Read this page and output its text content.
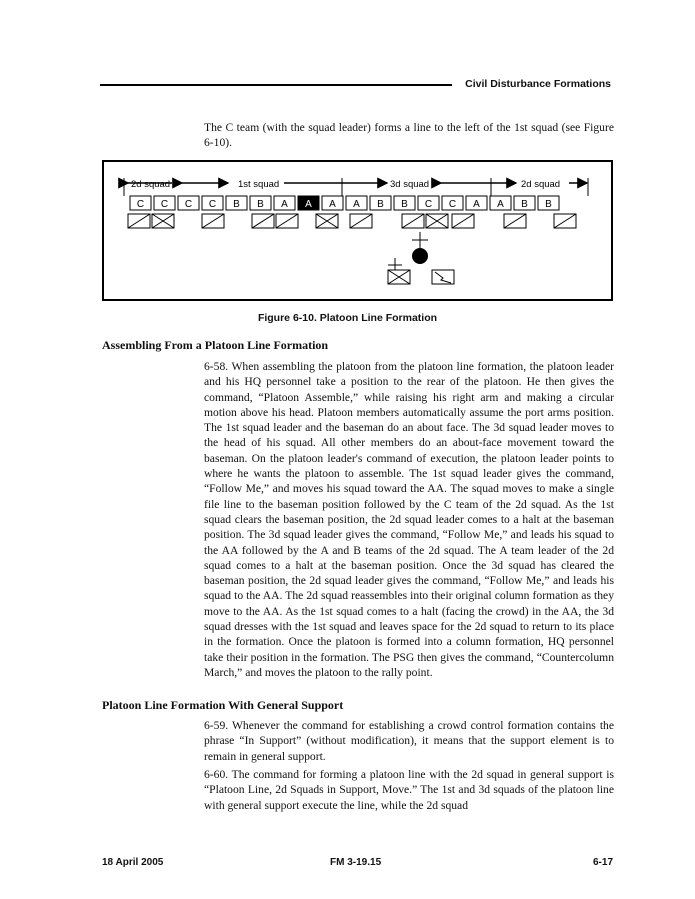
Civil Disturbance Formations

The C team (with the squad leader) forms a line to the left of the 1st squad (see Figure 6-10).

2d squad	1st squad	3d squad	2d squad
C C C C B B A A A A B B C C A A B B
Figure 6-10. Platoon Line Formation
Assembling From a Platoon Line Formation

6-58. When assembling the platoon from the platoon line formation, the platoon leader and his HQ personnel take a position to the rear of the platoon. He then gives the command, “Platoon Assemble,” while raising his right arm and making a circular motion above his head. Platoon members automatically assume the port arms position. The 1st squad leader and the baseman do an about face. The 3d squad leader moves to the head of his squad. All other members do an about-face movement toward the baseman. On the platoon leader's command of execution, the platoon leader points to where he wants the platoon to assemble. The 1st squad leader gives the command, “Follow Me,” and moves his squad toward the AA. The squad moves to make a single file line to the baseman position followed by the C team of the 2d squad. As the 1st squad clears the baseman position, the 2d squad leader comes to a halt at the baseman position. The 3d squad leader gives the command, “Follow Me,” and leads his squad to the AA followed by the A and B teams of the 2d squad. The A team leader of the 2d squad comes to a halt at the baseman position. Once the 3d squad has cleared the baseman position, the 2d squad leader gives the command, “Follow Me,” and leads his squad to the AA. The 2d squad reassembles into their original column formation as they move to the AA. As the 1st squad comes to a halt (facing the crowd) in the AA, the 3d squad dresses with the 1st squad and leaves space for the 2d squad to return to its place in the formation. Once the platoon is formed into a column formation, HQ personnel take their position in the formation. The PSG then gives the command, “Countercolumn March,” and moves the platoon to the rally point.

Platoon Line Formation With General Support

6-59. Whenever the command for establishing a crowd control formation contains the phrase “In Support” (without modification), it means that the support element is to remain in general support.

6-60. The command for forming a platoon line with the 2d squad in general support is “Platoon Line, 2d Squads in Support, Move.” The 1st and 3d squads of the platoon line with general support execute the line, while the 2d squad

18 April 2005	FM 3-19.15	6-17
